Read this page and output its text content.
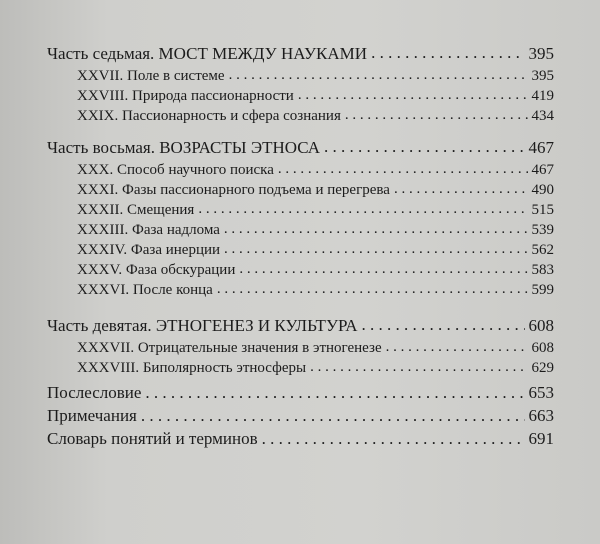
Часть седьмая. МОСТ МЕЖДУ НАУКАМИ . . .	395
XXVII. Поле в системе . . .	395
XXVIII. Природа пассионарности . . .	419
XXIX. Пассионарность и сфера сознания . . .	434
Часть восьмая. ВОЗРАСТЫ ЭТНОСА . . .	467
XXX. Способ научного поиска . . .	467
XXXI. Фазы пассионарного подъема и перегрева . . .	490
XXXII. Смещения . . .	515
XXXIII. Фаза надлома . . .	539
XXXIV. Фаза инерции . . .	562
XXXV. Фаза обскурации . . .	583
XXXVI. После конца . . .	599
Часть девятая. ЭТНОГЕНЕЗ И КУЛЬТУРА . . .	608
XXXVII. Отрицательные значения в этногенезе . . .	608
XXXVIII. Биполярность этносферы . . .	629
Послесловие . . .	653
Примечания . . .	663
Словарь понятий и терминов . . .	691
